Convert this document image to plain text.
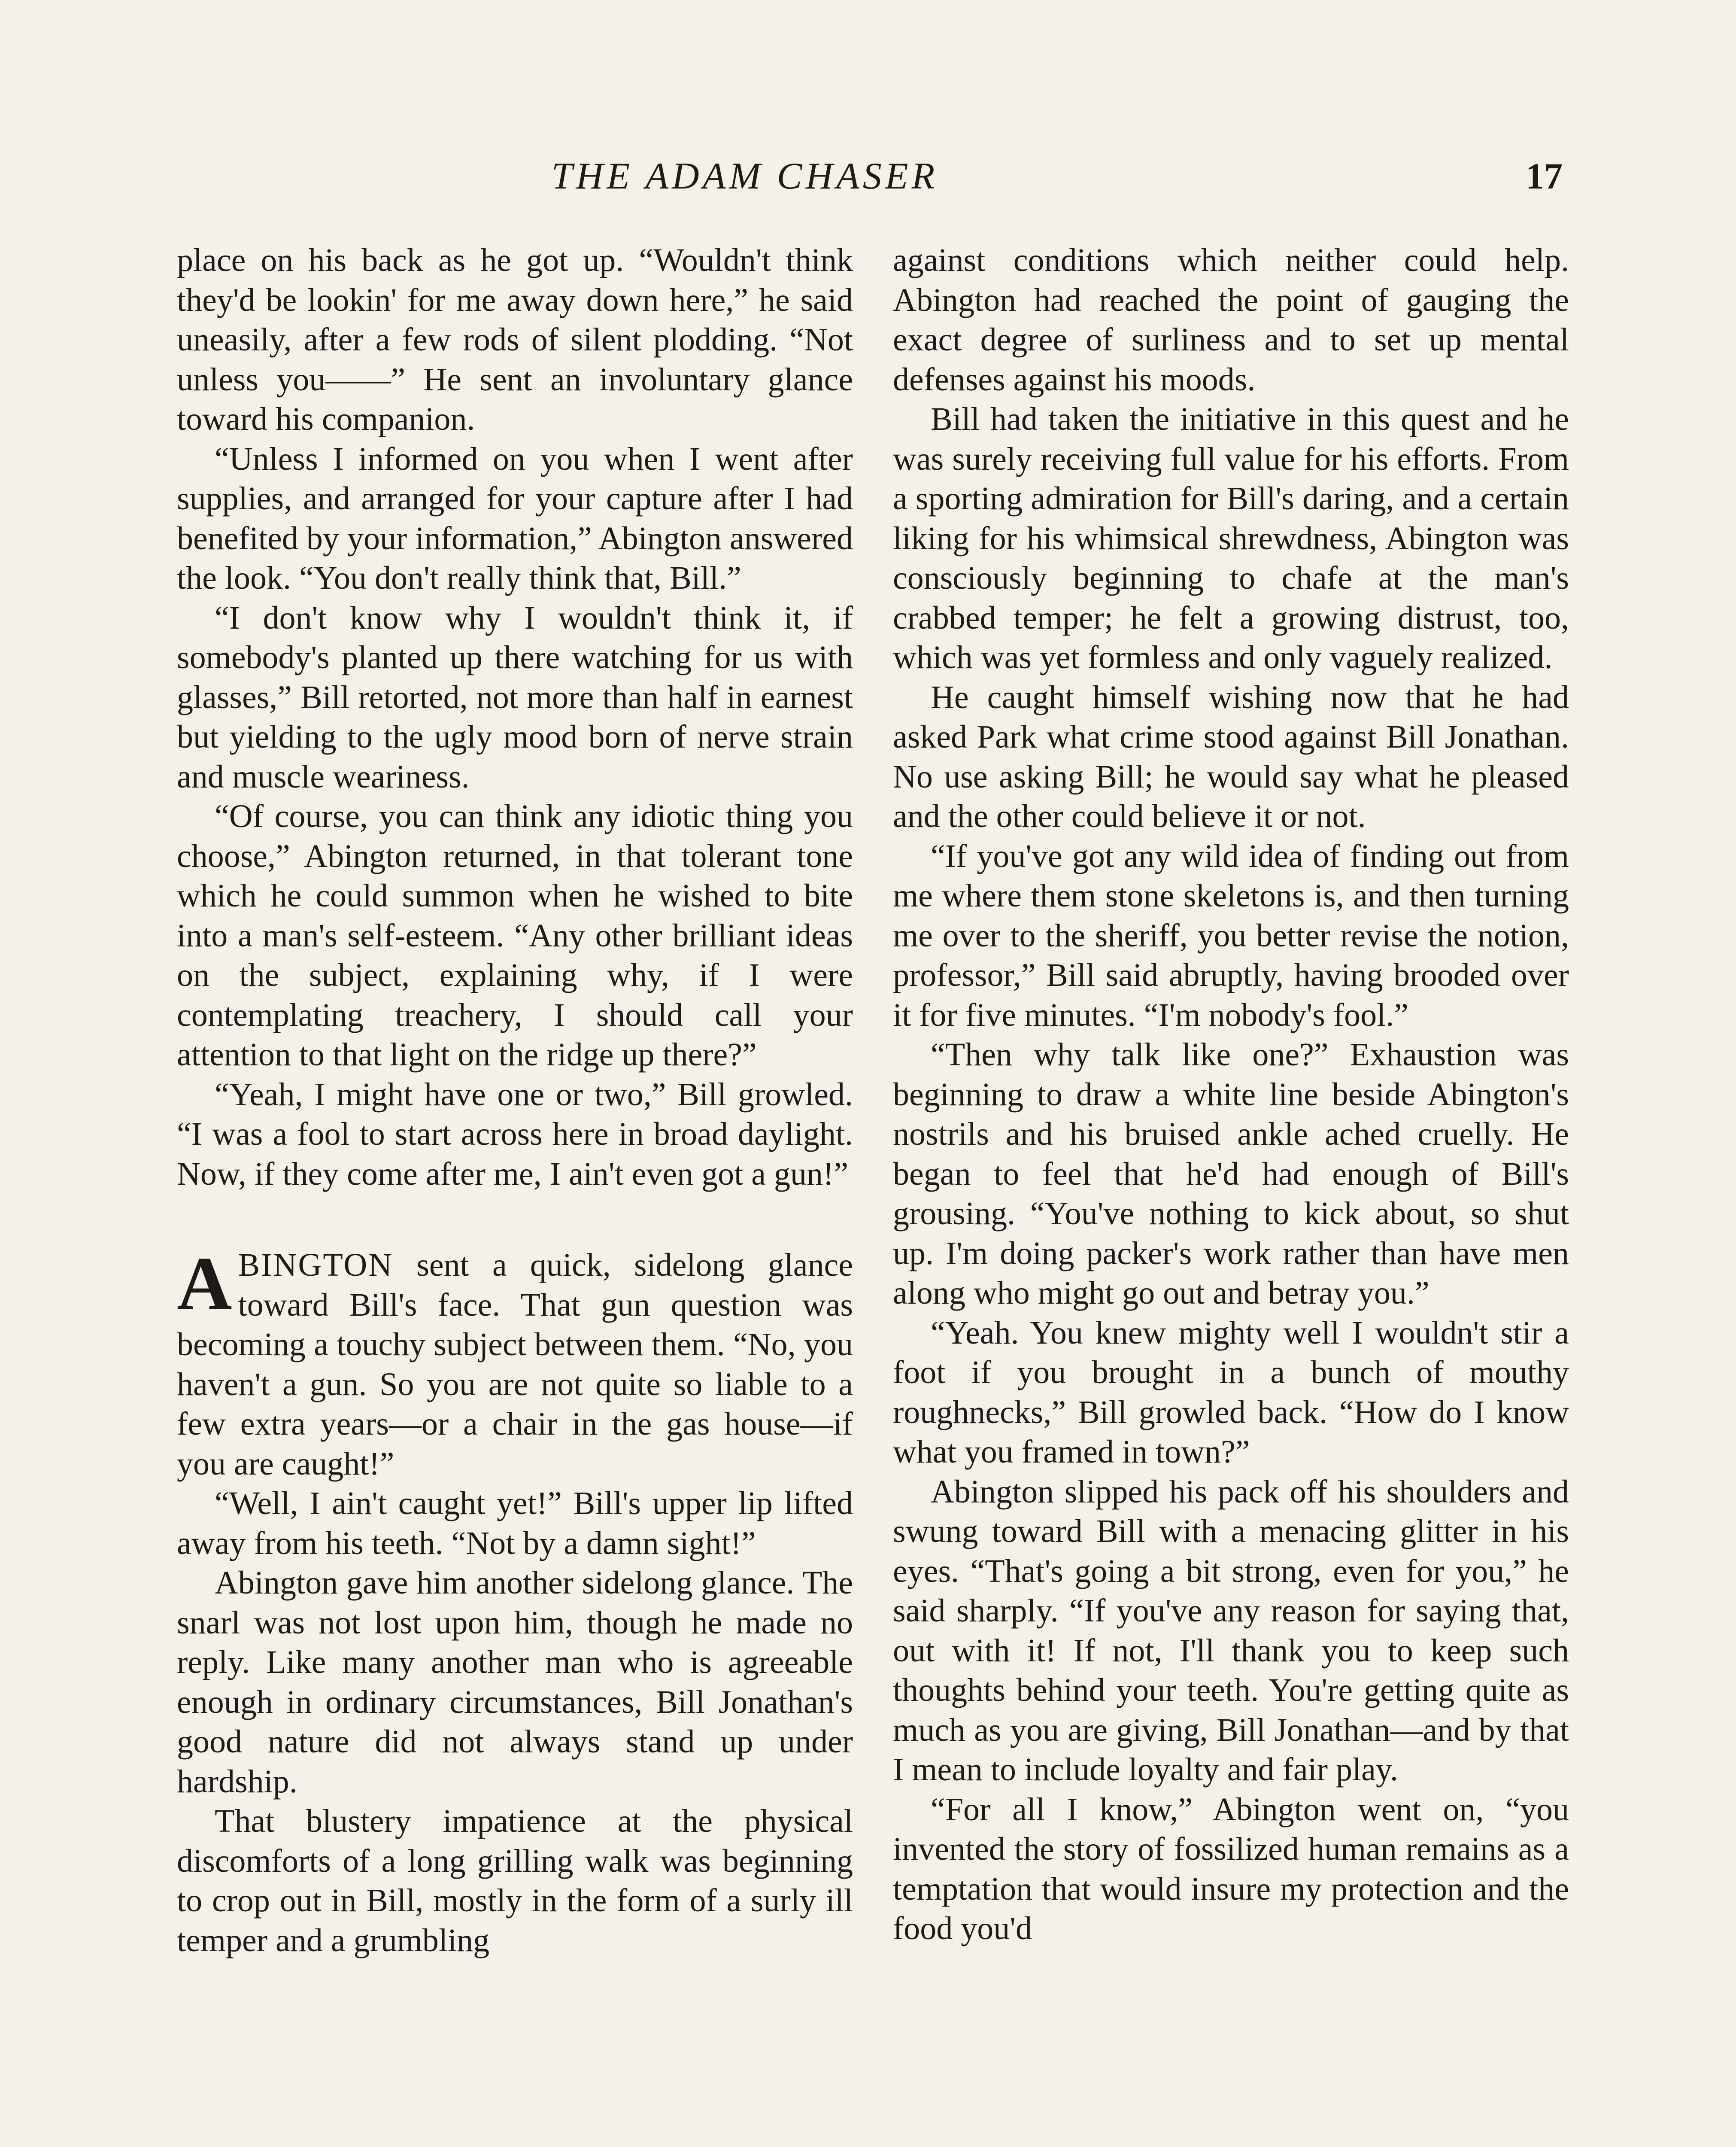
THE ADAM CHASER	17

place on his back as he got up. “Wouldn't think they'd be lookin' for me away down here,” he said uneasily, after a few rods of silent plodding. “Not unless you——” He sent an involuntary glance toward his companion.

“Unless I informed on you when I went after supplies, and arranged for your capture after I had benefited by your information,” Abington answered the look. “You don't really think that, Bill.”

“I don't know why I wouldn't think it, if somebody's planted up there watching for us with glasses,” Bill retorted, not more than half in earnest but yielding to the ugly mood born of nerve strain and muscle weariness.

“Of course, you can think any idiotic thing you choose,” Abington returned, in that tolerant tone which he could summon when he wished to bite into a man's self-esteem. “Any other brilliant ideas on the subject, explaining why, if I were contemplating treachery, I should call your attention to that light on the ridge up there?”

“Yeah, I might have one or two,” Bill growled. “I was a fool to start across here in broad daylight. Now, if they come after me, I ain't even got a gun!”

ABINGTON sent a quick, sidelong glance toward Bill's face. That gun question was becoming a touchy subject between them. “No, you haven't a gun. So you are not quite so liable to a few extra years—or a chair in the gas house—if you are caught!”

“Well, I ain't caught yet!” Bill's upper lip lifted away from his teeth. “Not by a damn sight!”

Abington gave him another sidelong glance. The snarl was not lost upon him, though he made no reply. Like many another man who is agreeable enough in ordinary circumstances, Bill Jonathan's good nature did not always stand up under hardship.

That blustery impatience at the physical discomforts of a long grilling walk was beginning to crop out in Bill, mostly in the form of a surly ill temper and a grumbling

against conditions which neither could help. Abington had reached the point of gauging the exact degree of surliness and to set up mental defenses against his moods.

Bill had taken the initiative in this quest and he was surely receiving full value for his efforts. From a sporting admiration for Bill's daring, and a certain liking for his whimsical shrewdness, Abington was consciously beginning to chafe at the man's crabbed temper; he felt a growing distrust, too, which was yet formless and only vaguely realized.

He caught himself wishing now that he had asked Park what crime stood against Bill Jonathan. No use asking Bill; he would say what he pleased and the other could believe it or not.

“If you've got any wild idea of finding out from me where them stone skeletons is, and then turning me over to the sheriff, you better revise the notion, professor,” Bill said abruptly, having brooded over it for five minutes. “I'm nobody's fool.”

“Then why talk like one?” Exhaustion was beginning to draw a white line beside Abington's nostrils and his bruised ankle ached cruelly. He began to feel that he'd had enough of Bill's grousing. “You've nothing to kick about, so shut up. I'm doing packer's work rather than have men along who might go out and betray you.”

“Yeah. You knew mighty well I wouldn't stir a foot if you brought in a bunch of mouthy roughnecks,” Bill growled back. “How do I know what you framed in town?”

Abington slipped his pack off his shoulders and swung toward Bill with a menacing glitter in his eyes. “That's going a bit strong, even for you,” he said sharply. “If you've any reason for saying that, out with it! If not, I'll thank you to keep such thoughts behind your teeth. You're getting quite as much as you are giving, Bill Jonathan—and by that I mean to include loyalty and fair play.

“For all I know,” Abington went on, “you invented the story of fossilized human remains as a temptation that would insure my protection and the food you'd
